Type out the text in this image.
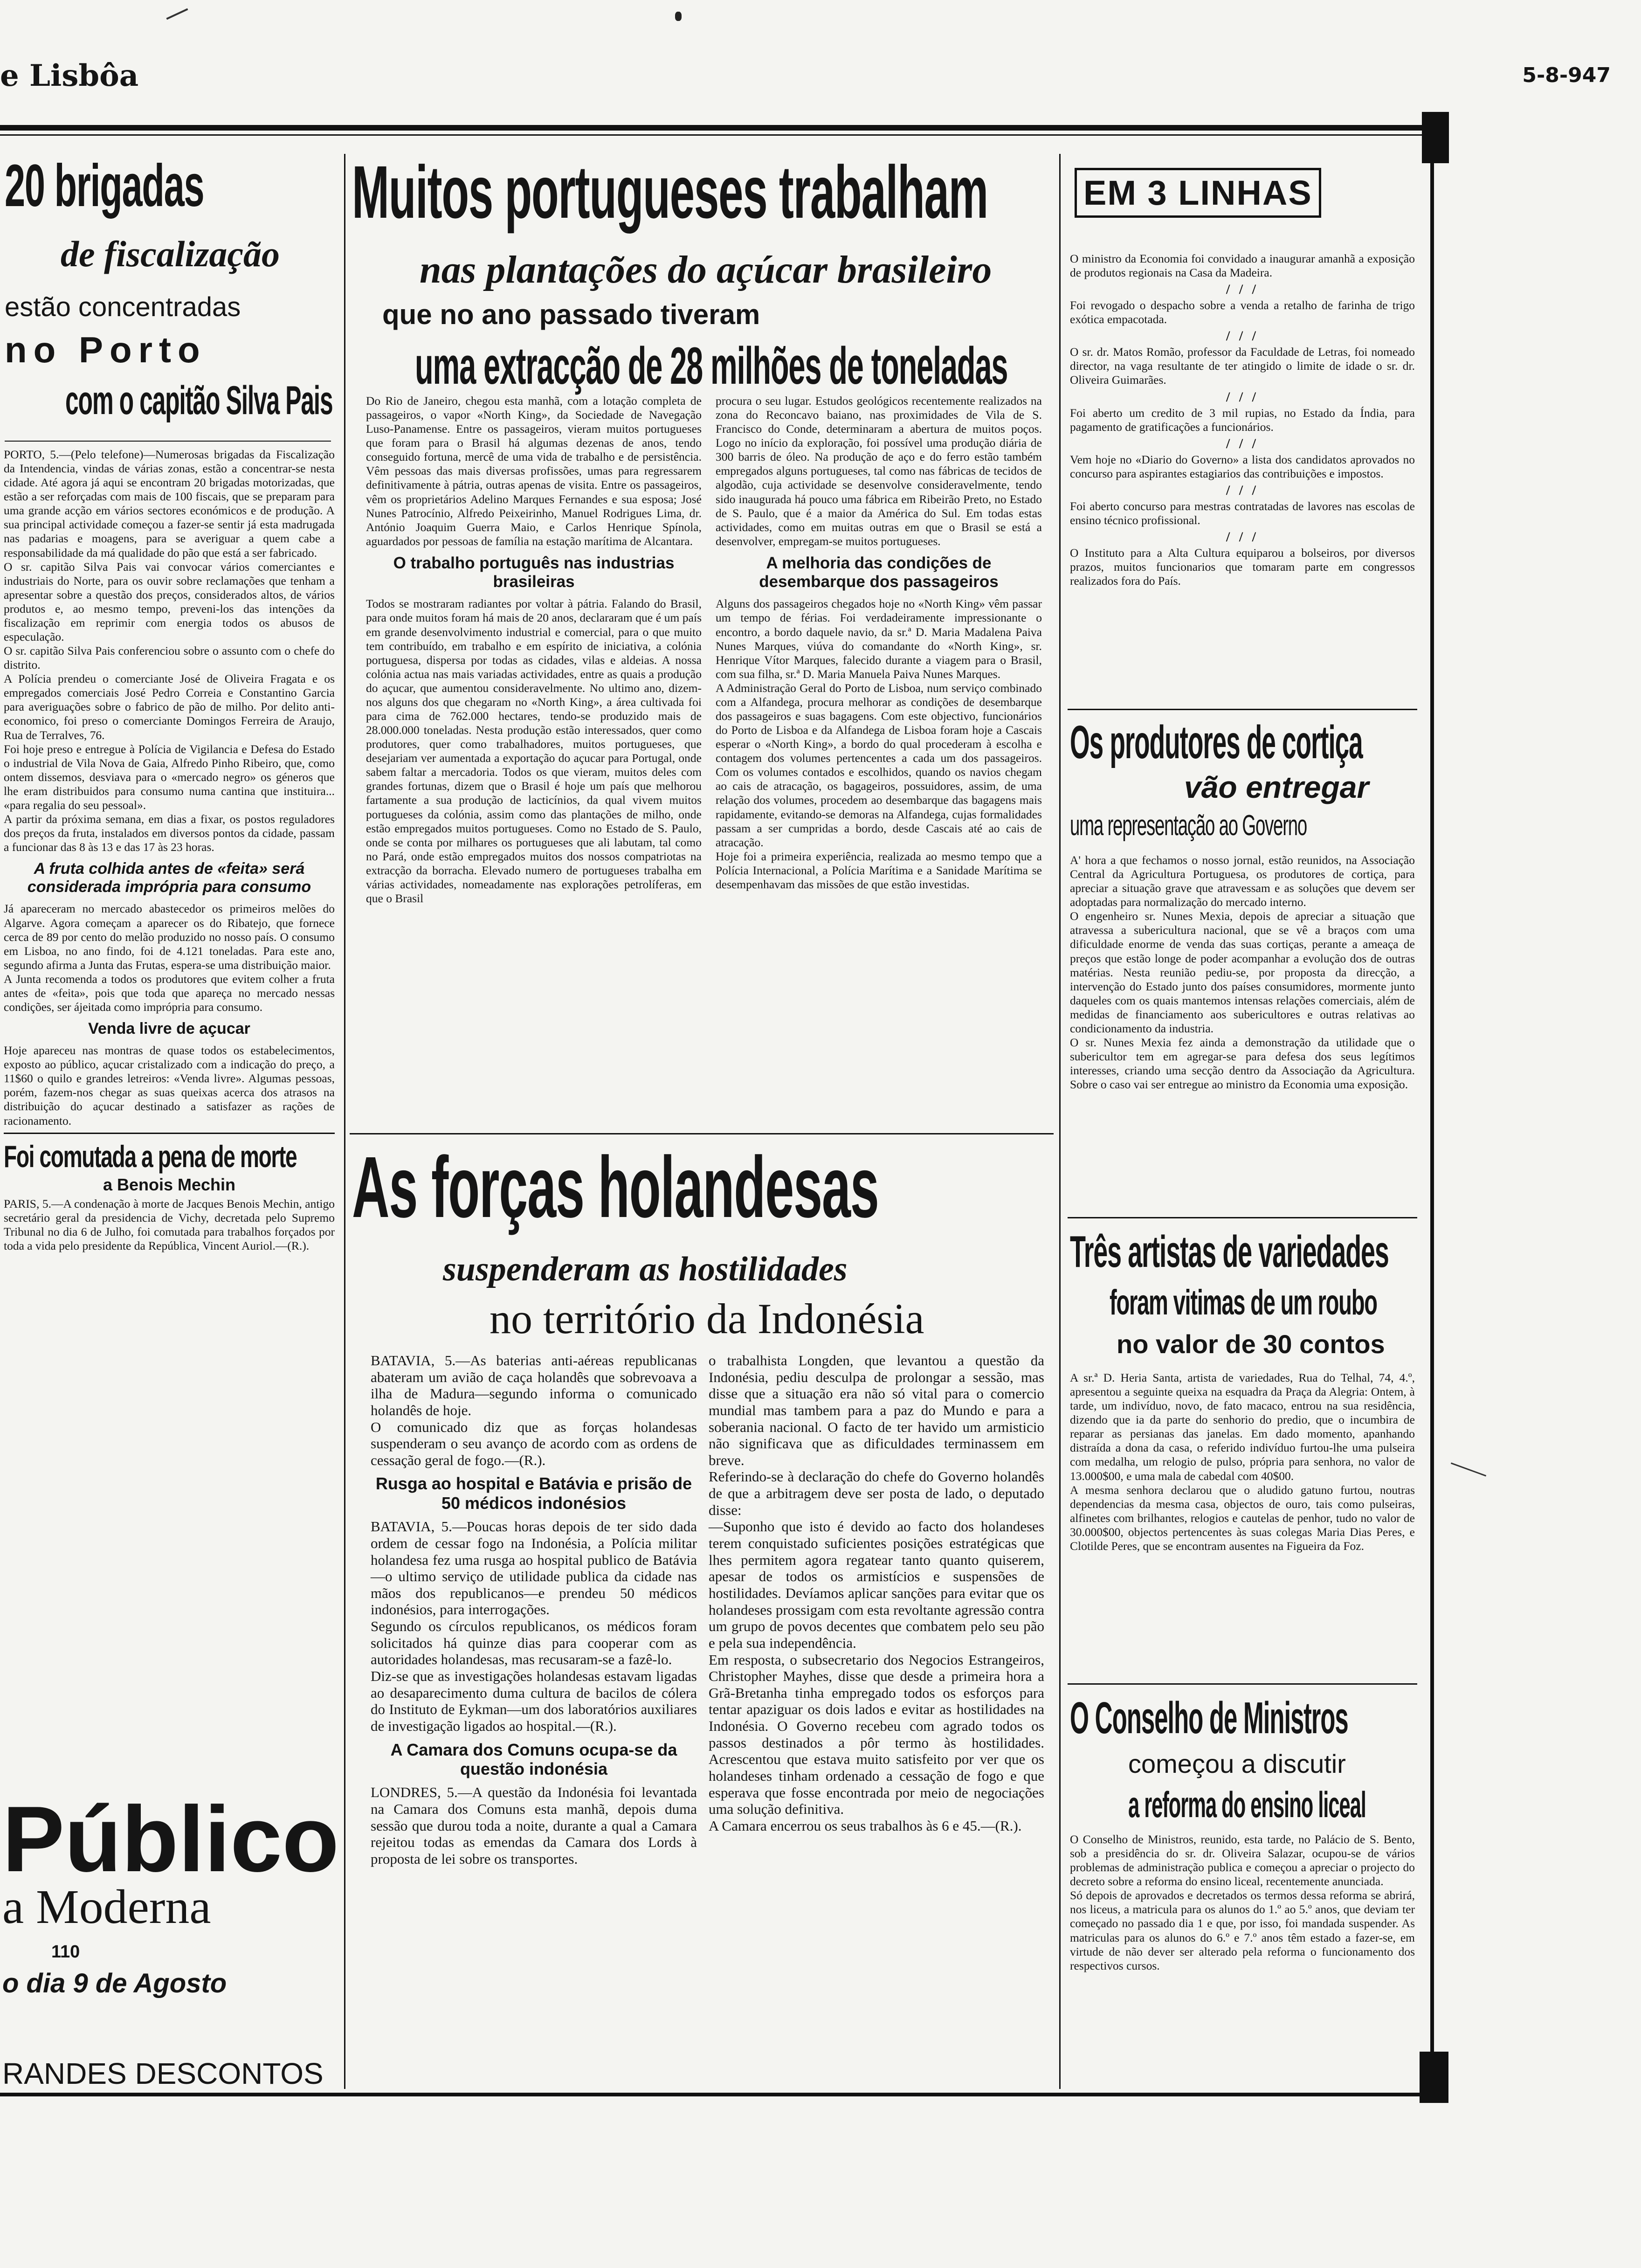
e Lisbôa	5-8-947
20 brigadas
de fiscalização
estão concentradas
no Porto
com o capitão Silva Pais

PORTO, 5.—(Pelo telefone)—Numerosas brigadas da Fiscalização da Intendencia, vindas de várias zonas, estão a concentrar-se nesta cidade. Até agora já aqui se encontram 20 brigadas motorizadas, que estão a ser reforçadas com mais de 100 fiscais, que se preparam para uma grande acção em vários sectores económicos e de produção. A sua principal actividade começou a fazer-se sentir já esta madrugada nas padarias e moagens, para se averiguar a quem cabe a responsabilidade da má qualidade do pão que está a ser fabricado.
O sr. capitão Silva Pais vai convocar vários comerciantes e industriais do Norte, para os ouvir sobre reclamações que tenham a apresentar sobre a questão dos preços, considerados altos, de vários produtos e, ao mesmo tempo, preveni-los das intenções da fiscalização em reprimir com energia todos os abusos de especulação.
O sr. capitão Silva Pais conferenciou sobre o assunto com o chefe do distrito.
A Polícia prendeu o comerciante José de Oliveira Fragata e os empregados comerciais José Pedro Correia e Constantino Garcia para averiguações sobre o fabrico de pão de milho. Por delito anti-economico, foi preso o comerciante Domingos Ferreira de Araujo, Rua de Terralves, 76.
Foi hoje preso e entregue à Polícia de Vigilancia e Defesa do Estado o industrial de Vila Nova de Gaia, Alfredo Pinho Ribeiro, que, como ontem dissemos, desviava para o «mercado negro» os géneros que lhe eram distribuidos para consumo numa cantina que instituira... «para regalia do seu pessoal».
A partir da próxima semana, em dias a fixar, os postos reguladores dos preços da fruta, instalados em diversos pontos da cidade, passam a funcionar das 8 às 13 e das 17 às 23 horas.

A fruta colhida antes de «feita» será considerada imprópria para consumo

Já apareceram no mercado abastecedor os primeiros melões do Algarve. Agora começam a aparecer os do Ribatejo, que fornece cerca de 89 por cento do melão produzido no nosso país. O consumo em Lisboa, no ano findo, foi de 4.121 toneladas. Para este ano, segundo afirma a Junta das Frutas, espera-se uma distribuição maior.
A Junta recomenda a todos os produtores que evitem colher a fruta antes de «feita», pois que toda que apareça no mercado nessas condições, ser ájeitada como imprópria para consumo.

Venda livre de açucar

Hoje apareceu nas montras de quase todos os estabelecimentos, exposto ao público, açucar cristalizado com a indicação do preço, a 11$60 o quilo e grandes letreiros: «Venda livre». Algumas pessoas, porém, fazem-nos chegar as suas queixas acerca dos atrasos na distribuição do açucar destinado a satisfazer as rações de racionamento.

Foi comutada a pena de morte
a Benois Mechin

PARIS, 5.—A condenação à morte de Jacques Benois Mechin, antigo secretário geral da presidencia de Vichy, decretada pelo Supremo Tribunal no dia 6 de Julho, foi comutada para trabalhos forçados por toda a vida pelo presidente da República, Vincent Auriol.—(R.).

Público
a Moderna
110
o dia 9 de Agosto
RANDES DESCONTOS
Muitos portugueses trabalham
nas plantações do açúcar brasileiro
que no ano passado tiveram
uma extracção de 28 milhões de toneladas

Do Rio de Janeiro, chegou esta manhã, com a lotação completa de passageiros, o vapor «North King», da Sociedade de Navegação Luso-Panamense. Entre os passageiros, vieram muitos portugueses que foram para o Brasil há algumas dezenas de anos, tendo conseguido fortuna, mercê de uma vida de trabalho e de persistência. Vêm pessoas das mais diversas profissões, umas para regressarem definitivamente à pátria, outras apenas de visita. Entre os passageiros, vêm os proprietários Adelino Marques Fernandes e sua esposa; José Nunes Patrocínio, Alfredo Peixeirinho, Manuel Rodrigues Lima, dr. António Joaquim Guerra Maio, e Carlos Henrique Spínola, aguardados por pessoas de família na estação marítima de Alcantara.

O trabalho português nas industrias brasileiras

Todos se mostraram radiantes por voltar à pátria. Falando do Brasil, para onde muitos foram há mais de 20 anos, declararam que é um país em grande desenvolvimento industrial e comercial, para o que muito tem contribuído, em trabalho e em espírito de iniciativa, a colónia portuguesa, dispersa por todas as cidades, vilas e aldeias. A nossa colónia actua nas mais variadas actividades, entre as quais a produção do açucar, que aumentou consideravelmente. No ultimo ano, dizem-nos alguns dos que chegaram no «North King», a área cultivada foi para cima de 762.000 hectares, tendo-se produzido mais de 28.000.000 toneladas. Nesta produção estão interessados, quer como produtores, quer como trabalhadores, muitos portugueses, que desejariam ver aumentada a exportação do açucar para Portugal, onde sabem faltar a mercadoria. Todos os que vieram, muitos deles com grandes fortunas, dizem que o Brasil é hoje um país que melhorou fartamente a sua produção de lacticínios, da qual vivem muitos portugueses da colónia, assim como das plantações de milho, onde estão empregados muitos portugueses. Como no Estado de S. Paulo, onde se conta por milhares os portugueses que ali labutam, tal como no Pará, onde estão empregados muitos dos nossos compatriotas na extracção da borracha. Elevado numero de portugueses trabalha em várias actividades, nomeadamente nas explorações petrolíferas, em que o Brasil

procura o seu lugar. Estudos geológicos recentemente realizados na zona do Reconcavo baiano, nas proximidades de Vila de S. Francisco do Conde, determinaram a abertura de muitos poços. Logo no início da exploração, foi possível uma produção diária de 300 barris de óleo. Na produção de aço e do ferro estão também empregados alguns portugueses, tal como nas fábricas de tecidos de algodão, cuja actividade se desenvolve consideravelmente, tendo sido inaugurada há pouco uma fábrica em Ribeirão Preto, no Estado de S. Paulo, que é a maior da América do Sul. Em todas estas actividades, como em muitas outras em que o Brasil se está a desenvolver, empregam-se muitos portugueses.

A melhoria das condições de desembarque dos passageiros

Alguns dos passageiros chegados hoje no «North King» vêm passar um tempo de férias. Foi verdadeiramente impressionante o encontro, a bordo daquele navio, da sr.ª D. Maria Madalena Paiva Nunes Marques, viúva do comandante do «North King», sr. Henrique Vítor Marques, falecido durante a viagem para o Brasil, com sua filha, sr.ª D. Maria Manuela Paiva Nunes Marques.
A Administração Geral do Porto de Lisboa, num serviço combinado com a Alfandega, procura melhorar as condições de desembarque dos passageiros e suas bagagens. Com este objectivo, funcionários do Porto de Lisboa e da Alfandega de Lisboa foram hoje a Cascais esperar o «North King», a bordo do qual procederam à escolha e contagem dos volumes pertencentes a cada um dos passageiros. Com os volumes contados e escolhidos, quando os navios chegam ao cais de atracação, os bagageiros, possuidores, assim, de uma relação dos volumes, procedem ao desembarque das bagagens mais rapidamente, evitando-se demoras na Alfandega, cujas formalidades passam a ser cumpridas a bordo, desde Cascais até ao cais de atracação.
Hoje foi a primeira experiência, realizada ao mesmo tempo que a Polícia Internacional, a Polícia Marítima e a Sanidade Marítima se desempenhavam das missões de que estão investidas.

As forças holandesas
suspenderam as hostilidades
no território da Indonésia

BATAVIA, 5.—As baterias anti-aéreas republicanas abateram um avião de caça holandês que sobrevoava a ilha de Madura—segundo informa o comunicado holandês de hoje.
O comunicado diz que as forças holandesas suspenderam o seu avanço de acordo com as ordens de cessação geral de fogo.—(R.).

Rusga ao hospital e Batávia e prisão de 50 médicos indonésios

BATAVIA, 5.—Poucas horas depois de ter sido dada ordem de cessar fogo na Indonésia, a Polícia militar holandesa fez uma rusga ao hospital publico de Batávia—o ultimo serviço de utilidade publica da cidade nas mãos dos republicanos—e prendeu 50 médicos indonésios, para interrogações.
Segundo os círculos republicanos, os médicos foram solicitados há quinze dias para cooperar com as autoridades holandesas, mas recusaram-se a fazê-lo.
Diz-se que as investigações holandesas estavam ligadas ao desaparecimento duma cultura de bacilos de cólera do Instituto de Eykman—um dos laboratórios auxiliares de investigação ligados ao hospital.—(R.).

A Camara dos Comuns ocupa-se da questão indonésia

LONDRES, 5.—A questão da Indonésia foi levantada na Camara dos Comuns esta manhã, depois duma sessão que durou toda a noite, durante a qual a Camara rejeitou todas as emendas da Camara dos Lords à proposta de lei sobre os transportes.

o trabalhista Longden, que levantou a questão da Indonésia, pediu desculpa de prolongar a sessão, mas disse que a situação era não só vital para o comercio mundial mas tambem para a paz do Mundo e para a soberania nacional. O facto de ter havido um armisticio não significava que as dificuldades terminassem em breve.
Referindo-se à declaração do chefe do Governo holandês de que a arbitragem deve ser posta de lado, o deputado disse:
—Suponho que isto é devido ao facto dos holandeses terem conquistado suficientes posições estratégicas que lhes permitem agora regatear tanto quanto quiserem, apesar de todos os armistícios e suspensões de hostilidades. Devíamos aplicar sanções para evitar que os holandeses prossigam com esta revoltante agressão contra um grupo de povos decentes que combatem pelo seu pão e pela sua independência.
Em resposta, o subsecretario dos Negocios Estrangeiros, Christopher Mayhes, disse que desde a primeira hora a Grã-Bretanha tinha empregado todos os esforços para tentar apaziguar os dois lados e evitar as hostilidades na Indonésia. O Governo recebeu com agrado todos os passos destinados a pôr termo às hostilidades. Acrescentou que estava muito satisfeito por ver que os holandeses tinham ordenado a cessação de fogo e que esperava que fosse encontrada por meio de negociações uma solução definitiva.
A Camara encerrou os seus trabalhos às 6 e 45.—(R.).

EM 3 LINHAS

O ministro da Economia foi convidado a inaugurar amanhã a exposição de produtos regionais na Casa da Madeira.

/ / /

Foi revogado o despacho sobre a venda a retalho de farinha de trigo exótica empacotada.

/ / /

O sr. dr. Matos Romão, professor da Faculdade de Letras, foi nomeado director, na vaga resultante de ter atingido o limite de idade o sr. dr. Oliveira Guimarães.

/ / /

Foi aberto um credito de 3 mil rupias, no Estado da Índia, para pagamento de gratificações a funcionários.

/ / /

Vem hoje no «Diario do Governo» a lista dos candidatos aprovados no concurso para aspirantes estagiarios das contribuições e impostos.

/ / /

Foi aberto concurso para mestras contratadas de lavores nas escolas de ensino técnico profissional.

/ / /

O Instituto para a Alta Cultura equiparou a bolseiros, por diversos prazos, muitos funcionarios que tomaram parte em congressos realizados fora do País.

Os produtores de cortiça
vão entregar
uma representação ao Governo

A' hora a que fechamos o nosso jornal, estão reunidos, na Associação Central da Agricultura Portuguesa, os produtores de cortiça, para apreciar a situação grave que atravessam e as soluções que devem ser adoptadas para normalização do mercado interno.
O engenheiro sr. Nunes Mexia, depois de apreciar a situação que atravessa a subericultura nacional, que se vê a braços com uma dificuldade enorme de venda das suas cortiças, perante a ameaça de preços que estão longe de poder acompanhar a evolução dos de outras matérias. Nesta reunião pediu-se, por proposta da direcção, a intervenção do Estado junto dos países consumidores, mormente junto daqueles com os quais mantemos intensas relações comerciais, além de medidas de financiamento aos subericultores e outras relativas ao condicionamento da industria.
O sr. Nunes Mexia fez ainda a demonstração da utilidade que o subericultor tem em agregar-se para defesa dos seus legítimos interesses, criando uma secção dentro da Associação da Agricultura. Sobre o caso vai ser entregue ao ministro da Economia uma exposição.

Três artistas de variedades
foram vitimas de um roubo
no valor de 30 contos

A sr.ª D. Heria Santa, artista de variedades, Rua do Telhal, 74, 4.º, apresentou a seguinte queixa na esquadra da Praça da Alegria: Ontem, à tarde, um indivíduo, novo, de fato macaco, entrou na sua residência, dizendo que ia da parte do senhorio do predio, que o incumbira de reparar as persianas das janelas. Em dado momento, apanhando distraída a dona da casa, o referido indivíduo furtou-lhe uma pulseira com medalha, um relogio de pulso, própria para senhora, no valor de 13.000$00, e uma mala de cabedal com 40$00.
A mesma senhora declarou que o aludido gatuno furtou, noutras dependencias da mesma casa, objectos de ouro, tais como pulseiras, alfinetes com brilhantes, relogios e cautelas de penhor, tudo no valor de 30.000$00, objectos pertencentes às suas colegas Maria Dias Peres, e Clotilde Peres, que se encontram ausentes na Figueira da Foz.

O Conselho de Ministros
começou a discutir
a reforma do ensino liceal

O Conselho de Ministros, reunido, esta tarde, no Palácio de S. Bento, sob a presidência do sr. dr. Oliveira Salazar, ocupou-se de vários problemas de administração publica e começou a apreciar o projecto do decreto sobre a reforma do ensino liceal, recentemente anunciada.
Só depois de aprovados e decretados os termos dessa reforma se abrirá, nos liceus, a matricula para os alunos do 1.º ao 5.º anos, que deviam ter começado no passado dia 1 e que, por isso, foi mandada suspender. As matriculas para os alunos do 6.º e 7.º anos têm estado a fazer-se, em virtude de não dever ser alterado pela reforma o funcionamento dos respectivos cursos.
